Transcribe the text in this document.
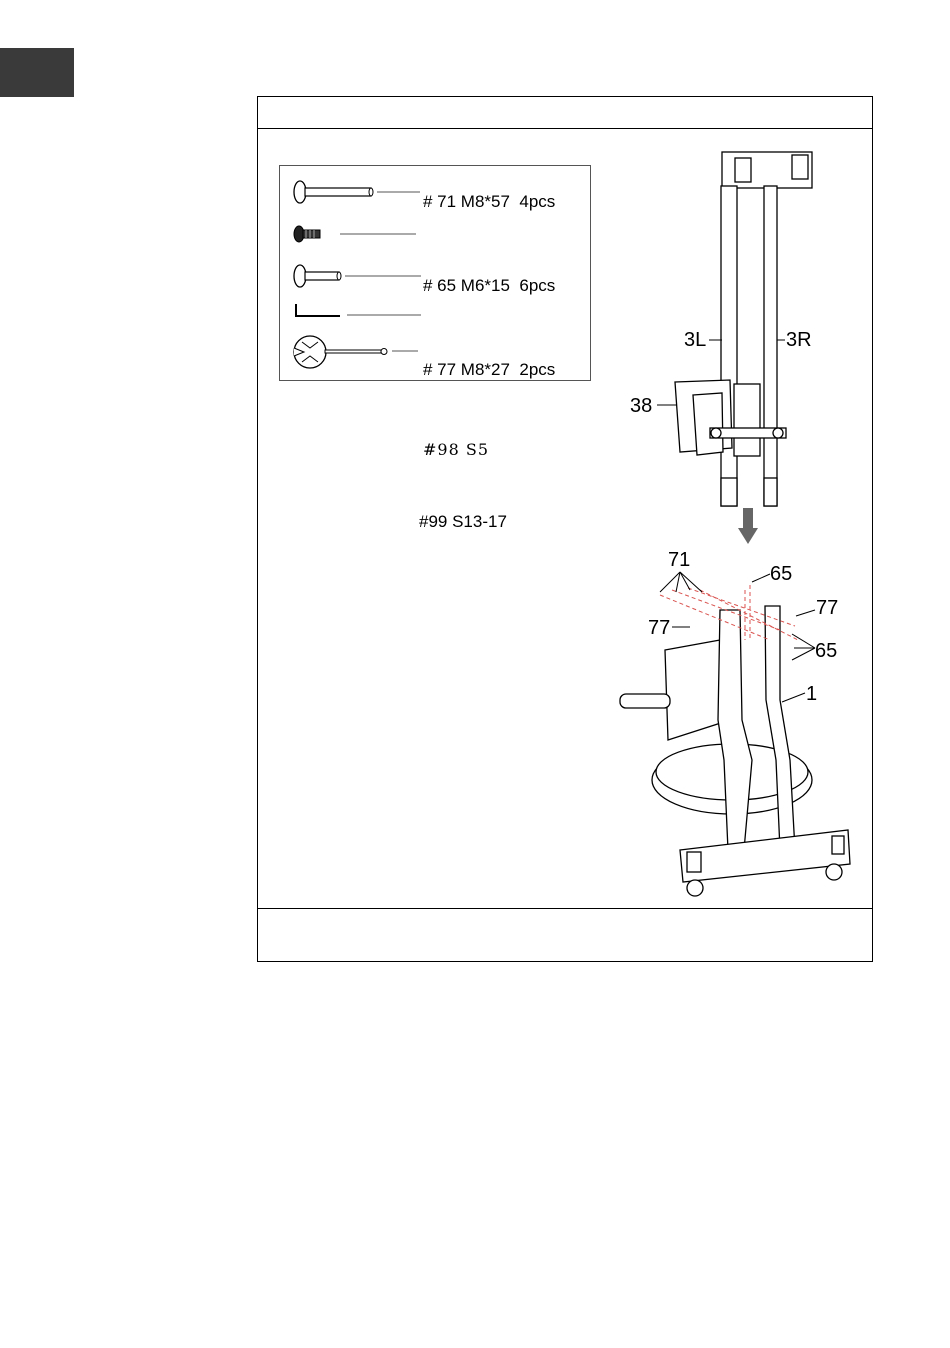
# 71 M8*57  4pcs
# 65 M6*15  6pcs
# 77 M8*27  2pcs
#98 S5
#99 S13-17
3L	3R
38
71
65
77
77
65
1
